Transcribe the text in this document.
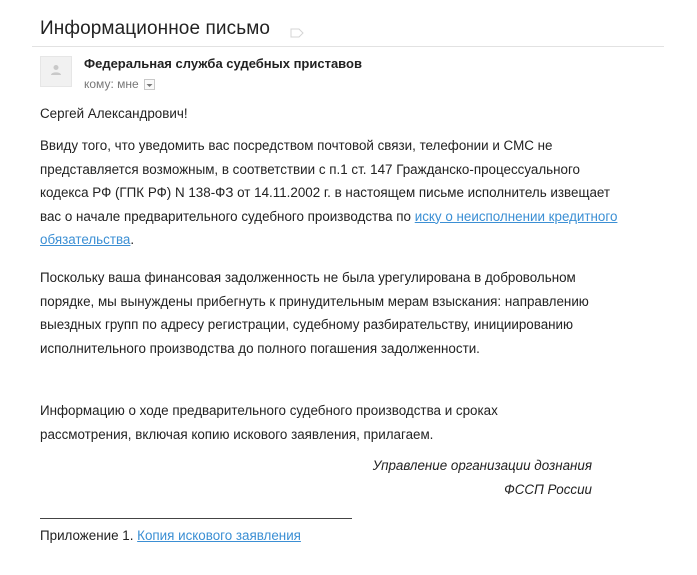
Информационное письмо
Федеральная служба судебных приставов
кому: мне

Сергей Александрович!

Ввиду того, что уведомить вас посредством почтовой связи, телефонии и СМС не представляется возможным, в соответствии с п.1 ст. 147 Гражданско-процессуального кодекса РФ (ГПК РФ) N 138-ФЗ от 14.11.2002 г. в настоящем письме исполнитель извещает вас о начале предварительного судебного производства по иску о неисполнении кредитного обязательства.

Поскольку ваша финансовая задолженность не была урегулирована в добровольном порядке, мы вынуждены прибегнуть к принудительным мерам взыскания: направлению выездных групп по адресу регистрации, судебному разбирательству, инициированию исполнительного производства до полного погашения задолженности.

Информацию о ходе предварительного судебного производства и сроках рассмотрения, включая копию искового заявления, прилагаем.

Управление организации дознания
ФССП России
Приложение 1. Копия искового заявления
